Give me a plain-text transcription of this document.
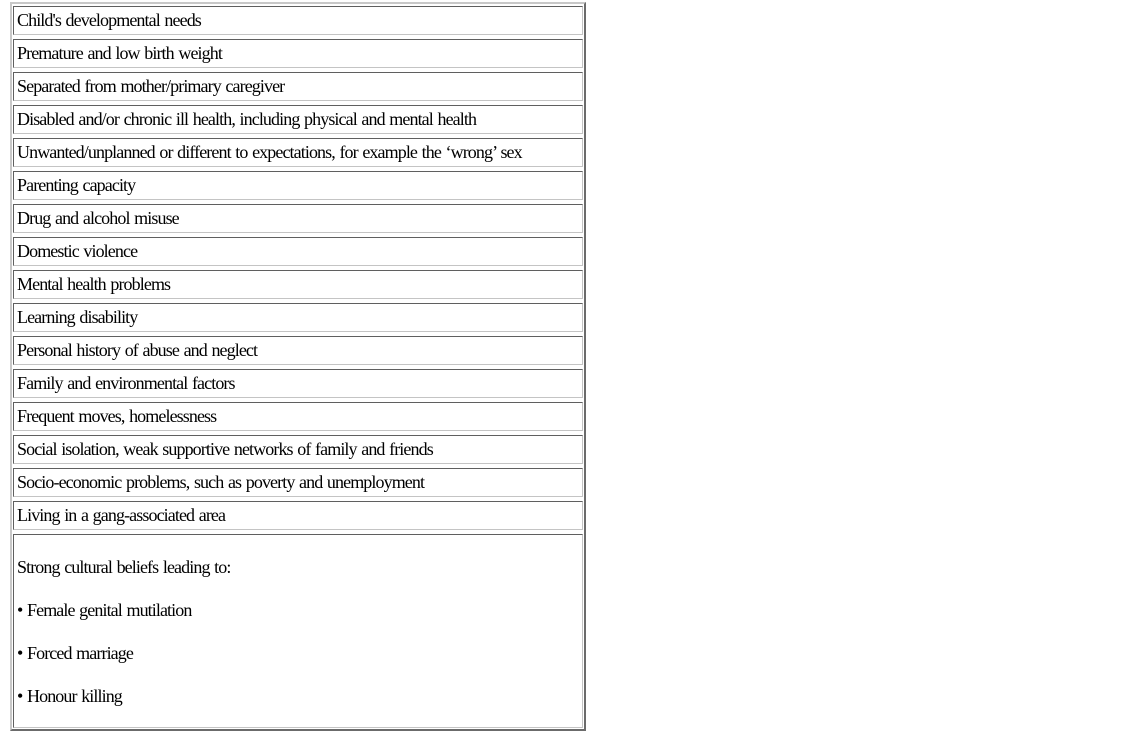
Child's developmental needs
Premature and low birth weight
Separated from mother/primary caregiver
Disabled and/or chronic ill health, including physical and mental health
Unwanted/unplanned or different to expectations, for example the ‘wrong’ sex
Parenting capacity
Drug and alcohol misuse
Domestic violence
Mental health problems
Learning disability
Personal history of abuse and neglect
Family and environmental factors
Frequent moves, homelessness
Social isolation, weak supportive networks of family and friends
Socio-economic problems, such as poverty and unemployment
Living in a gang-associated area

Strong cultural beliefs leading to:

• Female genital mutilation

• Forced marriage

• Honour killing
